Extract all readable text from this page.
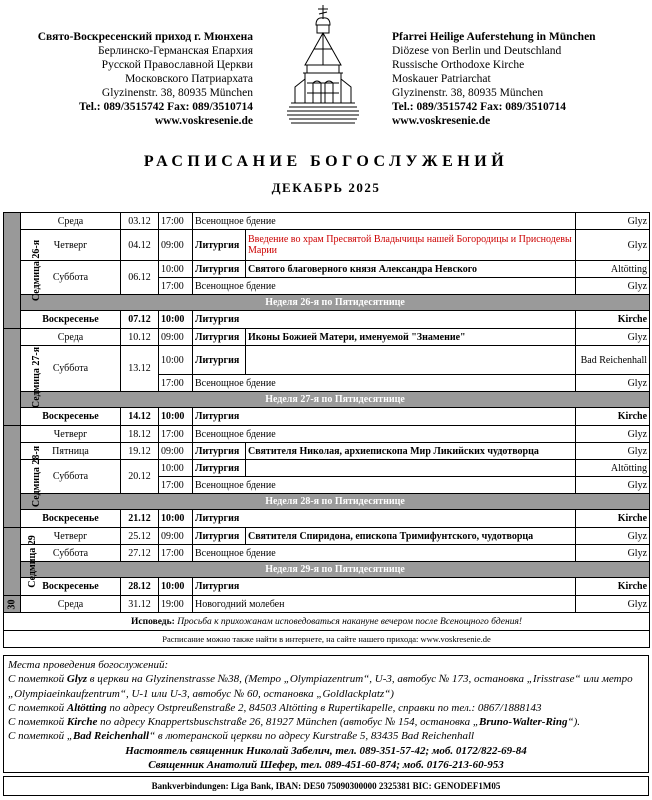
Свято-Воскресенский приход г. Мюнхена
Берлинско-Германская Епархия
Русской Православной Церкви
Московского Патриархата
Glyzinenstr. 38, 80935 München
Tel.: 089/3515742 Fax: 089/3510714
www.voskresenie.de
Pfarrei Heilige Auferstehung in München
Diözese von Berlin und Deutschland
Russische Orthodoxe Kirche
Moskauer Patriarchat
Glyzinenstr. 38, 80935 München
Tel.: 089/3515742 Fax: 089/3510714
www.voskresenie.de
РАСПИСАНИЕ БОГОСЛУЖЕНИЙ
ДЕКАБРЬ 2025
Седмица 26-я	Среда	03.12	17:00	Всенощное бдение		Glyz
	Четверг	04.12	09:00	Литургия	Введение во храм Пресвятой Владычицы нашей Богородицы и Приснодевы Марии	Glyz
	Суббота	06.12	10:00	Литургия	Святого благоверного князя Александра Невского	Altötting
			17:00	Всенощное бдение		Glyz
	Неделя 26-я по Пятидесятнице					
	Воскресенье	07.12	10:00	Литургия		Kirche
Седмица 27-я	Среда	10.12	09:00	Литургия	Иконы Божией Матери, именуемой "Знамение"	Glyz
	Суббота	13.12	10:00	Литургия		Bad Reichenhall
			17:00	Всенощное бдение		Glyz
	Неделя 27-я по Пятидесятнице					
	Воскресенье	14.12	10:00	Литургия		Kirche
Седмица 28-я	Четверг	18.12	17:00	Всенощное бдение		Glyz
	Пятница	19.12	09:00	Литургия	Святителя Николая, архиепископа Мир Ликийских чудотворца	Glyz
	Суббота	20.12	10:00	Литургия		Altötting
			17:00	Всенощное бдение		Glyz
	Неделя 28-я по Пятидесятнице					
	Воскресенье	21.12	10:00	Литургия		Kirche
Седмица 29	Четверг	25.12	09:00	Литургия	Святителя Спиридона, епископа Тримифунтского, чудотворца	Glyz
	Суббота	27.12	17:00	Всенощное бдение		Glyz
	Неделя 29-я по Пятидесятнице					
	Воскресенье	28.12	10:00	Литургия		Kirche
30	Среда	31.12	19:00	Новогодний молебен		Glyz
Исповедь: Просьба к прихожанам исповедоваться накануне вечером после Всенощного бдения!						
Расписание можно также найти в интернете, на сайте нашего прихода: www.voskresenie.de						
Места проведения богослужений:
С пометкой Glyz в церкви на Glyzinenstrasse №38, (Метро „Olympiazentrum“, U-3, автобус № 173, остановка „Irisstrase“ или метро „Olympiaeinkaufzentrum“, U-1 или U-3, автобус № 60, остановка „Goldlackplatz“)
С пометкой Altötting по адресу Ostpreußenstraße 2, 84503 Altötting в Rupertikapelle, справки по тел.: 0867/1888143
С пометкой Kirche по адресу Knappertsbuschstraße 26, 81927 München (автобус № 154, остановка „Bruno-Walter-Ring“).
С пометкой „Bad Reichenhall“ в лютеранской церкви по адресу Kurstraße 5, 83435 Bad Reichenhall
Настоятель священник Николай Забелич, тел. 089-351-57-42; моб. 0172/822-69-84
Священник Анатолий Шефер, тел. 089-451-60-874; моб. 0176-213-60-953
Bankverbindungen: Liga Bank, IBAN: DE50 75090300000 2325381 BIC: GENODEF1M05
